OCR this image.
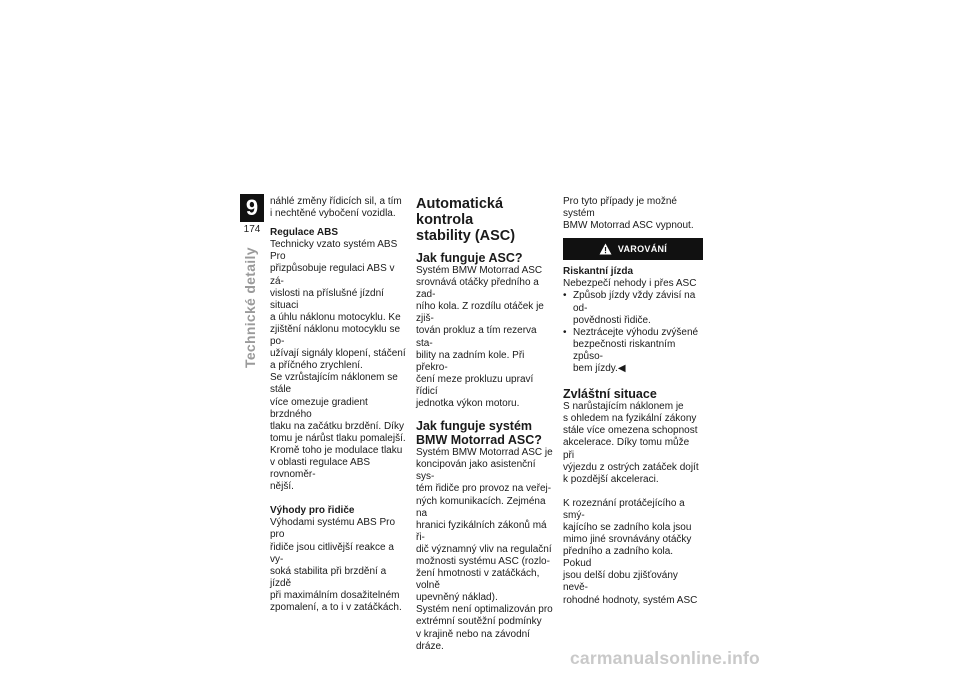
9
174
Technické detaily

náhlé změny řídicích sil, a tím
i nechtěné vybočení vozidla.

Regulace ABS

Technicky vzato systém ABS Pro
přizpůsobuje regulaci ABS v zá-
vislosti na příslušné jízdní situaci
a úhlu náklonu motocyklu. Ke
zjištění náklonu motocyklu se po-
užívají signály klopení, stáčení
a příčného zrychlení.

Se vzrůstajícím náklonem se stále
více omezuje gradient brzdného
tlaku na začátku brzdění. Díky
tomu je nárůst tlaku pomalejší.
Kromě toho je modulace tlaku
v oblasti regulace ABS rovnoměr-
nější.

Výhody pro řidiče

Výhodami systému ABS Pro pro
řidiče jsou citlivější reakce a vy-
soká stabilita při brzdění a jízdě
při maximálním dosažitelném
zpomalení, a to i v zatáčkách.

Automatická kontrola
stability (ASC)

Jak funguje ASC?

Systém BMW Motorrad ASC
srovnává otáčky předního a zad-
ního kola. Z rozdílu otáček je zjiš-
tován prokluz a tím rezerva sta-
bility na zadním kole. Při překro-
čení meze prokluzu upraví řídicí
jednotka výkon motoru.

Jak funguje systém
BMW Motorrad ASC?

Systém BMW Motorrad ASC je
koncipován jako asistenční sys-
tém řidiče pro provoz na veřej-
ných komunikacích. Zejména na
hranici fyzikálních zákonů má ři-
dič významný vliv na regulační
možnosti systému ASC (rozlo-
žení hmotnosti v zatáčkách, volně
upevněný náklad).

Systém není optimalizován pro
extrémní soutěžní podmínky
v krajině nebo na závodní dráze.

Pro tyto případy je možné systém
BMW Motorrad ASC vypnout.

VAROVÁNÍ

Riskantní jízda

Nebezpečí nehody i přes ASC

• Způsob jízdy vždy závisí na od-
povědnosti řidiče.
• Neztrácejte výhodu zvýšené
bezpečnosti riskantním způso-
bem jízdy.◀

Zvláštní situace

S narůstajícím náklonem je
s ohledem na fyzikální zákony
stále více omezena schopnost
akcelerace. Díky tomu může při
výjezdu z ostrých zatáček dojít
k pozdější akceleraci.

K rozeznání protáčejícího a smý-
kajícího se zadního kola jsou
mimo jiné srovnávány otáčky
předního a zadního kola. Pokud
jsou delší dobu zjišťovány nevě-
rohodné hodnoty, systém ASC

carmanualsonline.info
